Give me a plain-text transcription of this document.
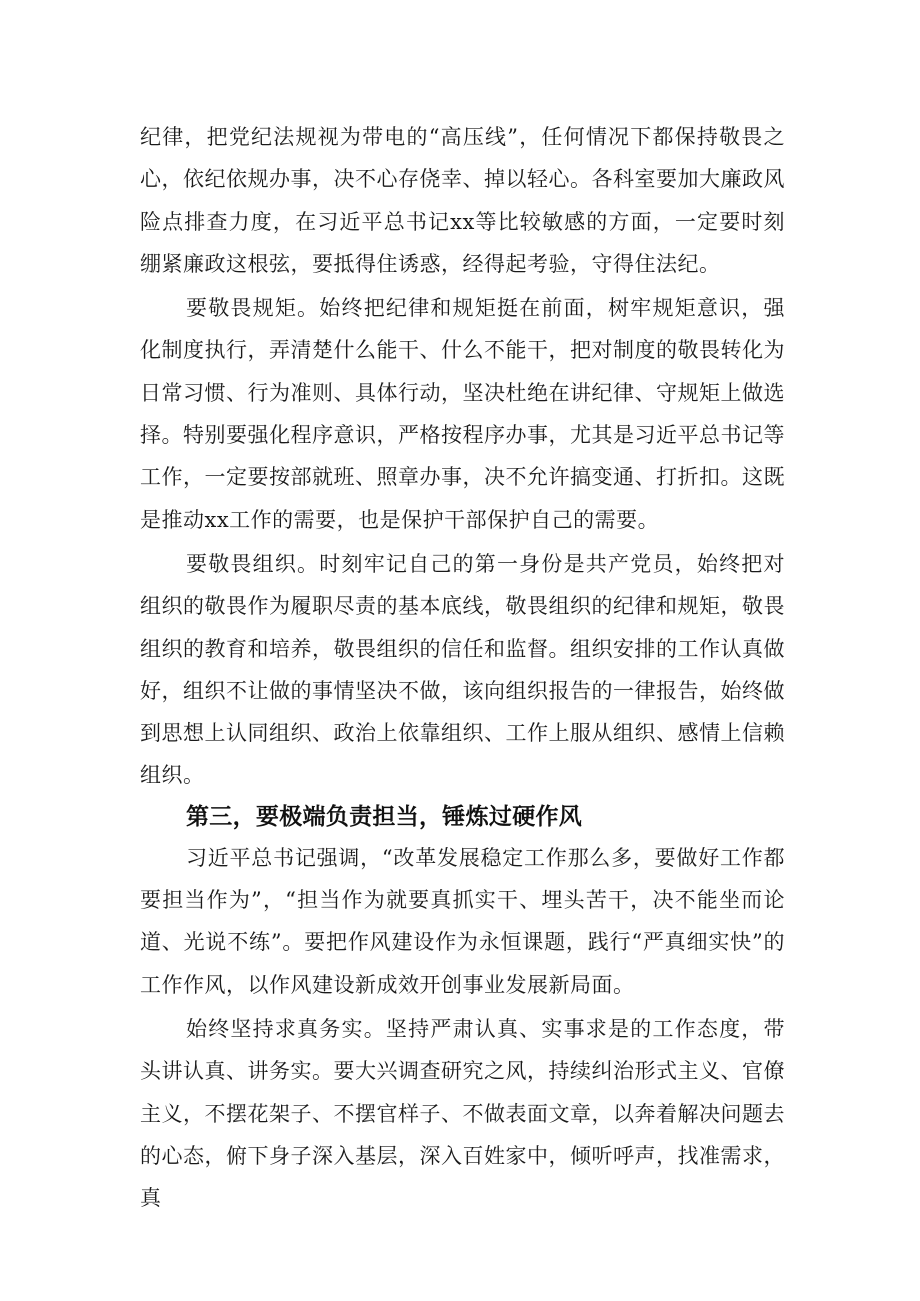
纪律，把党纪法规视为带电的“高压线”，任何情况下都保持敬畏之心，依纪依规办事，决不心存侥幸、掉以轻心。各科室要加大廉政风险点排查力度，在习近平总书记xx等比较敏感的方面，一定要时刻绷紧廉政这根弦，要抵得住诱惑，经得起考验，守得住法纪。

要敬畏规矩。始终把纪律和规矩挺在前面，树牢规矩意识，强化制度执行，弄清楚什么能干、什么不能干，把对制度的敬畏转化为日常习惯、行为准则、具体行动，坚决杜绝在讲纪律、守规矩上做选择。特别要强化程序意识，严格按程序办事，尤其是习近平总书记等工作，一定要按部就班、照章办事，决不允许搞变通、打折扣。这既是推动xx工作的需要，也是保护干部保护自己的需要。

要敬畏组织。时刻牢记自己的第一身份是共产党员，始终把对组织的敬畏作为履职尽责的基本底线，敬畏组织的纪律和规矩，敬畏组织的教育和培养，敬畏组织的信任和监督。组织安排的工作认真做好，组织不让做的事情坚决不做，该向组织报告的一律报告，始终做到思想上认同组织、政治上依靠组织、工作上服从组织、感情上信赖组织。

第三，要极端负责担当，锤炼过硬作风

习近平总书记强调，“改革发展稳定工作那么多，要做好工作都要担当作为”，“担当作为就要真抓实干、埋头苦干，决不能坐而论道、光说不练”。要把作风建设作为永恒课题，践行“严真细实快”的工作作风，以作风建设新成效开创事业发展新局面。

始终坚持求真务实。坚持严肃认真、实事求是的工作态度，带头讲认真、讲务实。要大兴调查研究之风，持续纠治形式主义、官僚主义，不摆花架子、不摆官样子、不做表面文章，以奔着解决问题去的心态，俯下身子深入基层，深入百姓家中，倾听呼声，找准需求，真
